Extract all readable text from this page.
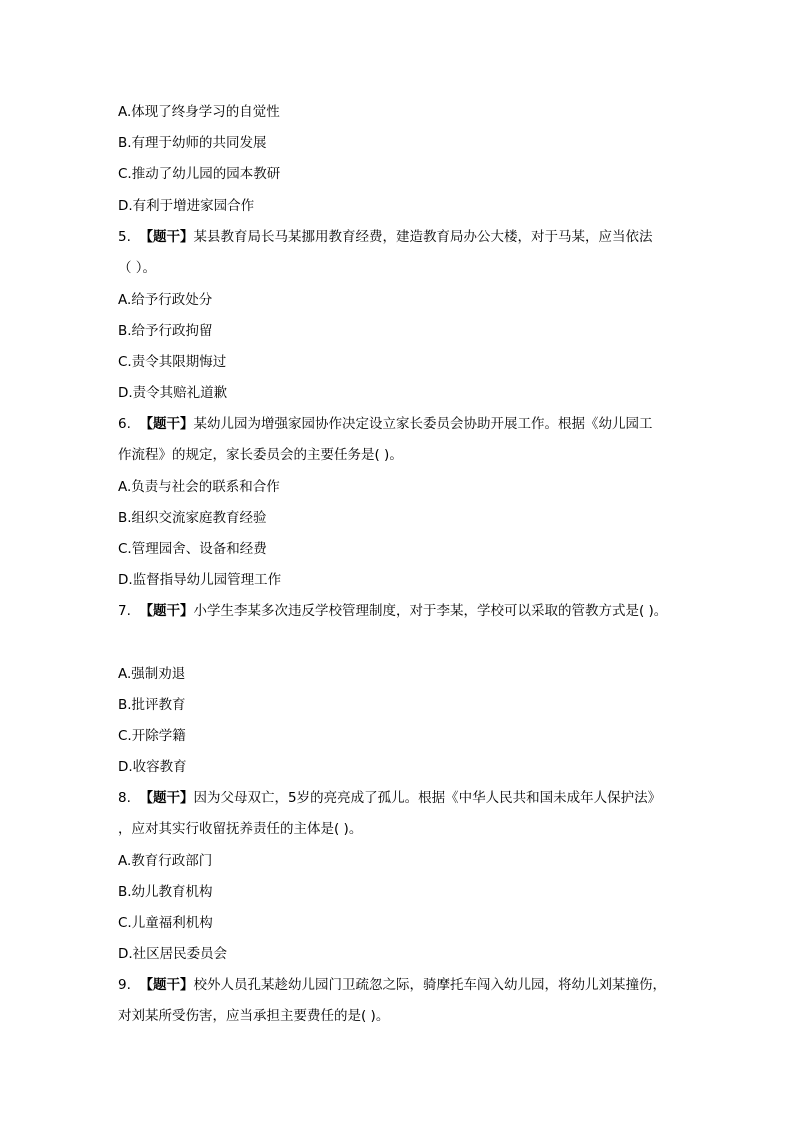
A.体现了终身学习的自觉性
B.有理于幼师的共同发展
C.推动了幼儿园的园本教研
D.有利于增进家园合作
5. 【题干】某县教育局长马某挪用教育经费，建造教育局办公大楼，对于马某，应当依法
（ ）。
A.给予行政处分
B.给予行政拘留
C.责令其限期悔过
D.责令其赔礼道歉
6. 【题干】某幼儿园为增强家园协作决定设立家长委员会协助开展工作。根据《幼儿园工
作流程》的规定，家长委员会的主要任务是( )。
A.负责与社会的联系和合作
B.组织交流家庭教育经验
C.管理园舍、设备和经费
D.监督指导幼儿园管理工作
7. 【题干】小学生李某多次违反学校管理制度，对于李某，学校可以采取的管教方式是( )。
A.强制劝退
B.批评教育
C.开除学籍
D.收容教育
8. 【题干】因为父母双亡，5岁的亮亮成了孤儿。根据《中华人民共和国未成年人保护法》
，应对其实行收留抚养责任的主体是( )。
A.教育行政部门
B.幼儿教育机构
C.儿童福利机构
D.社区居民委员会
9. 【题干】校外人员孔某趁幼儿园门卫疏忽之际，骑摩托车闯入幼儿园，将幼儿刘某撞伤，
对刘某所受伤害，应当承担主要费任的是( )。
